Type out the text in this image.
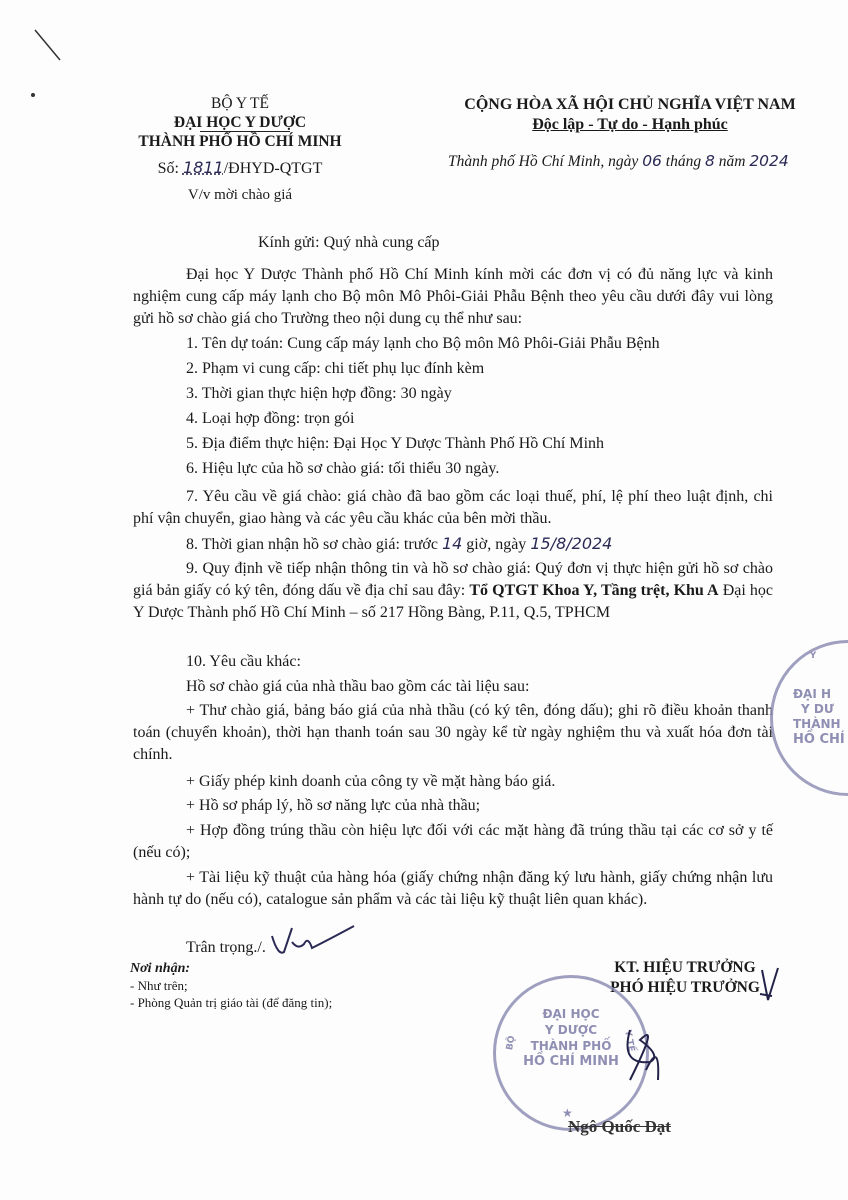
BỘ Y TẾ
ĐẠI HỌC Y DƯỢC
THÀNH PHỐ HỒ CHÍ MINH
Số: 1811/ĐHYD-QTGT
V/v mời chào giá
CỘNG HÒA XÃ HỘI CHỦ NGHĨA VIỆT NAM
Độc lập - Tự do - Hạnh phúc
Thành phố Hồ Chí Minh, ngày 06 tháng 8 năm 2024
Kính gửi: Quý nhà cung cấp
Đại học Y Dược Thành phố Hồ Chí Minh kính mời các đơn vị có đủ năng lực và kinh nghiệm cung cấp máy lạnh cho Bộ môn Mô Phôi-Giải Phẫu Bệnh theo yêu cầu dưới đây vui lòng gửi hồ sơ chào giá cho Trường theo nội dung cụ thể như sau:
1. Tên dự toán: Cung cấp máy lạnh cho Bộ môn Mô Phôi-Giải Phẫu Bệnh
2. Phạm vi cung cấp: chi tiết phụ lục đính kèm
3. Thời gian thực hiện hợp đồng: 30 ngày
4. Loại hợp đồng: trọn gói
5. Địa điểm thực hiện: Đại Học Y Dược Thành Phố Hồ Chí Minh
6. Hiệu lực của hồ sơ chào giá: tối thiểu 30 ngày.
7. Yêu cầu về giá chào: giá chào đã bao gồm các loại thuế, phí, lệ phí theo luật định, chi phí vận chuyển, giao hàng và các yêu cầu khác của bên mời thầu.
8. Thời gian nhận hồ sơ chào giá: trước 14 giờ, ngày 15/8/2024
9. Quy định về tiếp nhận thông tin và hồ sơ chào giá: Quý đơn vị thực hiện gửi hồ sơ chào giá bản giấy có ký tên, đóng dấu về địa chỉ sau đây: Tổ QTGT Khoa Y, Tầng trệt, Khu A Đại học Y Dược Thành phố Hồ Chí Minh – số 217 Hồng Bàng, P.11, Q.5, TPHCM
10. Yêu cầu khác:
Hồ sơ chào giá của nhà thầu bao gồm các tài liệu sau:
+ Thư chào giá, bảng báo giá của nhà thầu (có ký tên, đóng dấu); ghi rõ điều khoản thanh toán (chuyển khoản), thời hạn thanh toán sau 30 ngày kể từ ngày nghiệm thu và xuất hóa đơn tài chính.
+ Giấy phép kinh doanh của công ty về mặt hàng báo giá.
+ Hồ sơ pháp lý, hồ sơ năng lực của nhà thầu;
+ Hợp đồng trúng thầu còn hiệu lực đối với các mặt hàng đã trúng thầu tại các cơ sở y tế (nếu có);
+ Tài liệu kỹ thuật của hàng hóa (giấy chứng nhận đăng ký lưu hành, giấy chứng nhận lưu hành tự do (nếu có), catalogue sản phẩm và các tài liệu kỹ thuật liên quan khác).
Trân trọng./.
Nơi nhận:
- Như trên;
- Phòng Quản trị giáo tài (để đăng tin);
KT. HIỆU TRƯỞNG
PHÓ HIỆU TRƯỞNG
ĐẠI HỌC
Y DƯỢC
THÀNH PHỐ
HỒ CHÍ MINH
BỘ	Y TẾ
★
Ngô Quốc Đạt
Y
ĐẠI H
Y DƯ
THÀNH
HỒ CHÍ
